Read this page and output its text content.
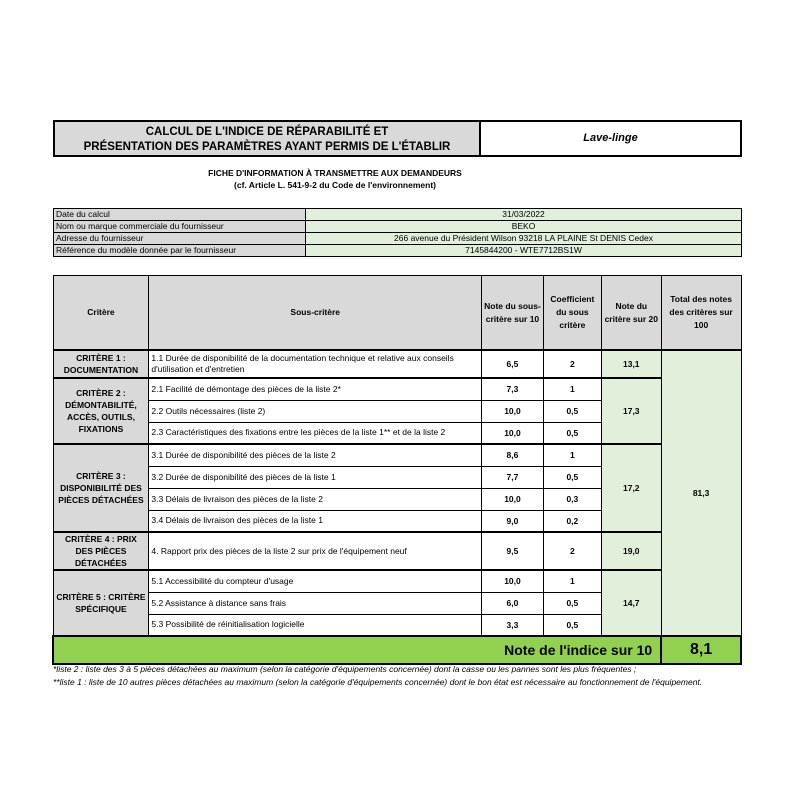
CALCUL DE L'INDICE DE RÉPARABILITÉ ET
PRÉSENTATION DES PARAMÈTRES AYANT PERMIS DE L'ÉTABLIR
Lave-linge
FICHE D'INFORMATION À TRANSMETTRE AUX DEMANDEURS
(cf. Article L. 541-9-2 du Code de l'environnement)
Date du calcul	31/03/2022
Nom ou marque commerciale du fournisseur	BEKO
Adresse du fournisseur	266 avenue du Président Wilson 93218 LA PLAINE St DENIS Cedex
Référence du modèle donnée par le fournisseur	7145844200 - WTE7712BS1W
Critère	Sous-critère	Note du sous-critère sur 10	Coefficient du sous critère	Note du critère sur 20	Total des notes des critères sur 100
CRITÈRE 1 : DOCUMENTATION	1.1 Durée de disponibilité de la documentation technique et relative aux conseils d'utilisation et d'entretien	6,5	2	13,1	81,3
CRITÈRE 2 : DÉMONTABILITÉ, ACCÈS, OUTILS, FIXATIONS	2.1 Facilité de démontage des pièces de la liste 2*	7,3	1	17,3	
	2.2 Outils nécessaires (liste 2)	10,0	0,5		
	2.3 Caractéristiques des fixations entre les pièces de la liste 1** et de la liste 2	10,0	0,5		
CRITÈRE 3 : DISPONIBILITÉ DES PIÈCES DÉTACHÉES	3.1 Durée de disponibilité des pièces de la liste 2	8,6	1	17,2	
	3.2 Durée de disponibilité des pièces de la liste 1	7,7	0,5		
	3.3 Délais de livraison des pièces de la liste 2	10,0	0,3		
	3.4 Délais de livraison des pièces de la liste 1	9,0	0,2		
CRITÈRE 4 : PRIX DES PIÈCES DÉTACHÉES	4. Rapport prix des pièces de la liste 2 sur prix de l'équipement neuf	9,5	2	19,0	
CRITÈRE 5 : CRITÈRE SPÉCIFIQUE	5.1 Accessibilité du compteur d'usage	10,0	1	14,7	
	5.2 Assistance à distance sans frais	6,0	0,5		
	5.3 Possibilité de réinitialisation logicielle	3,3	0,5		
Note de l'indice sur 10					8,1
*liste 2 : liste des 3 à 5 pièces détachées au maximum (selon la catégorie d'équipements concernée) dont la casse ou les pannes sont les plus fréquentes ;
**liste 1 : liste de 10 autres pièces détachées au maximum (selon la catégorie d'équipements concernée) dont le bon état est nécessaire au fonctionnement de l'équipement.
